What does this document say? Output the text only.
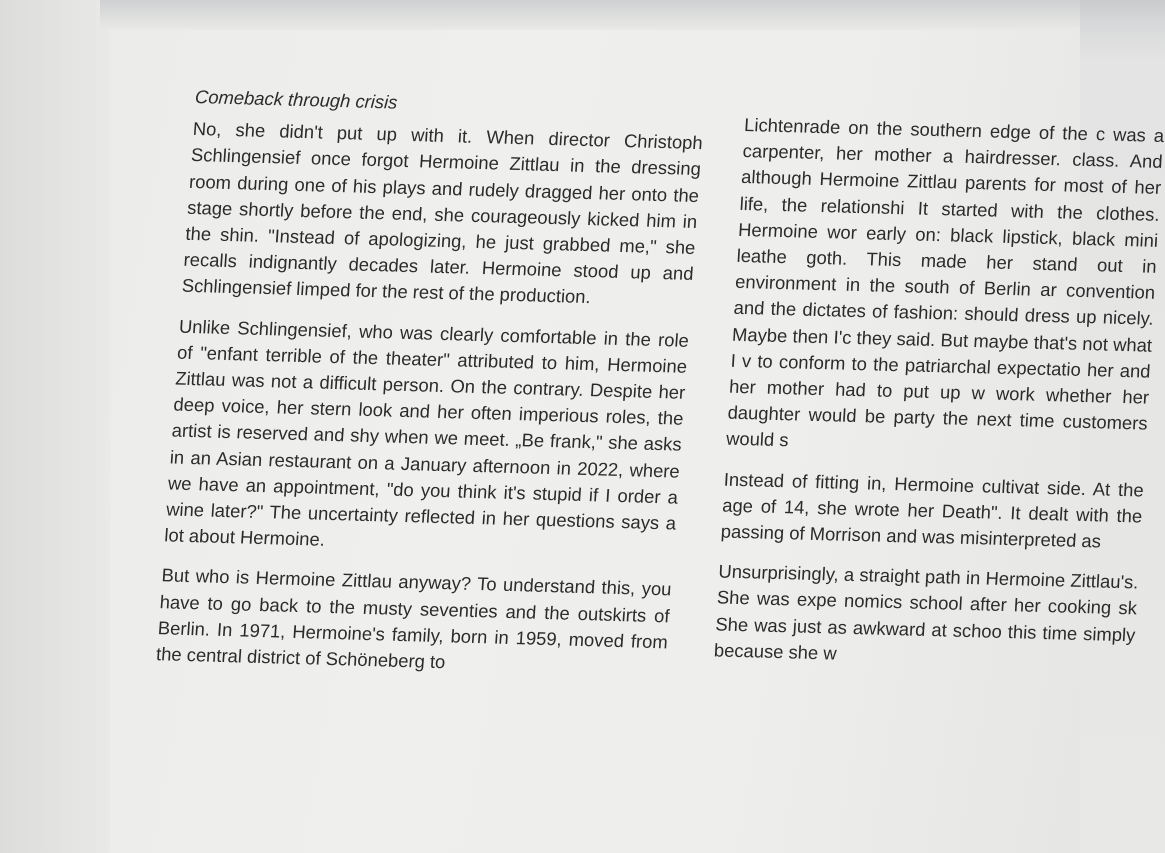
Comeback through crisis

No, she didn't put up with it. When director Christoph Schlingensief once forgot Hermoine Zittlau in the dressing room during one of his plays and rudely dragged her onto the stage shortly before the end, she courageously kicked him in the shin. "Instead of apologizing, he just grabbed me," she recalls indignantly decades later. Hermoine stood up and Schlingensief limped for the rest of the production.

Unlike Schlingensief, who was clearly comfortable in the role of "enfant terrible of the theater" attributed to him, Hermoine Zittlau was not a difficult person. On the contrary. Despite her deep voice, her stern look and her often imperious roles, the artist is reserved and shy when we meet. „Be frank," she asks in an Asian restaurant on a January afternoon in 2022, where we have an appointment, "do you think it's stupid if I order a wine later?" The uncertainty reflected in her questions says a lot about Hermoine.

But who is Hermoine Zittlau anyway? To understand this, you have to go back to the musty seventies and the outskirts of Berlin. In 1971, Hermoine's family, born in 1959, moved from the central district of Schöneberg to

Lichtenrade on the southern edge of the c was a carpenter, her mother a hairdresser. class. And although Hermoine Zittlau parents for most of her life, the relationshi It started with the clothes. Hermoine wor early on: black lipstick, black mini leathe goth. This made her stand out in environment in the south of Berlin ar convention and the dictates of fashion: should dress up nicely. Maybe then I'c they said. But maybe that's not what I v to conform to the patriarchal expectatio her and her mother had to put up w work whether her daughter would be party the next time customers would s

Instead of fitting in, Hermoine cultivat side. At the age of 14, she wrote her Death". It dealt with the passing of Morrison and was misinterpreted as

Unsurprisingly, a straight path in Hermoine Zittlau's. She was expe nomics school after her cooking sk She was just as awkward at schoo this time simply because she w
